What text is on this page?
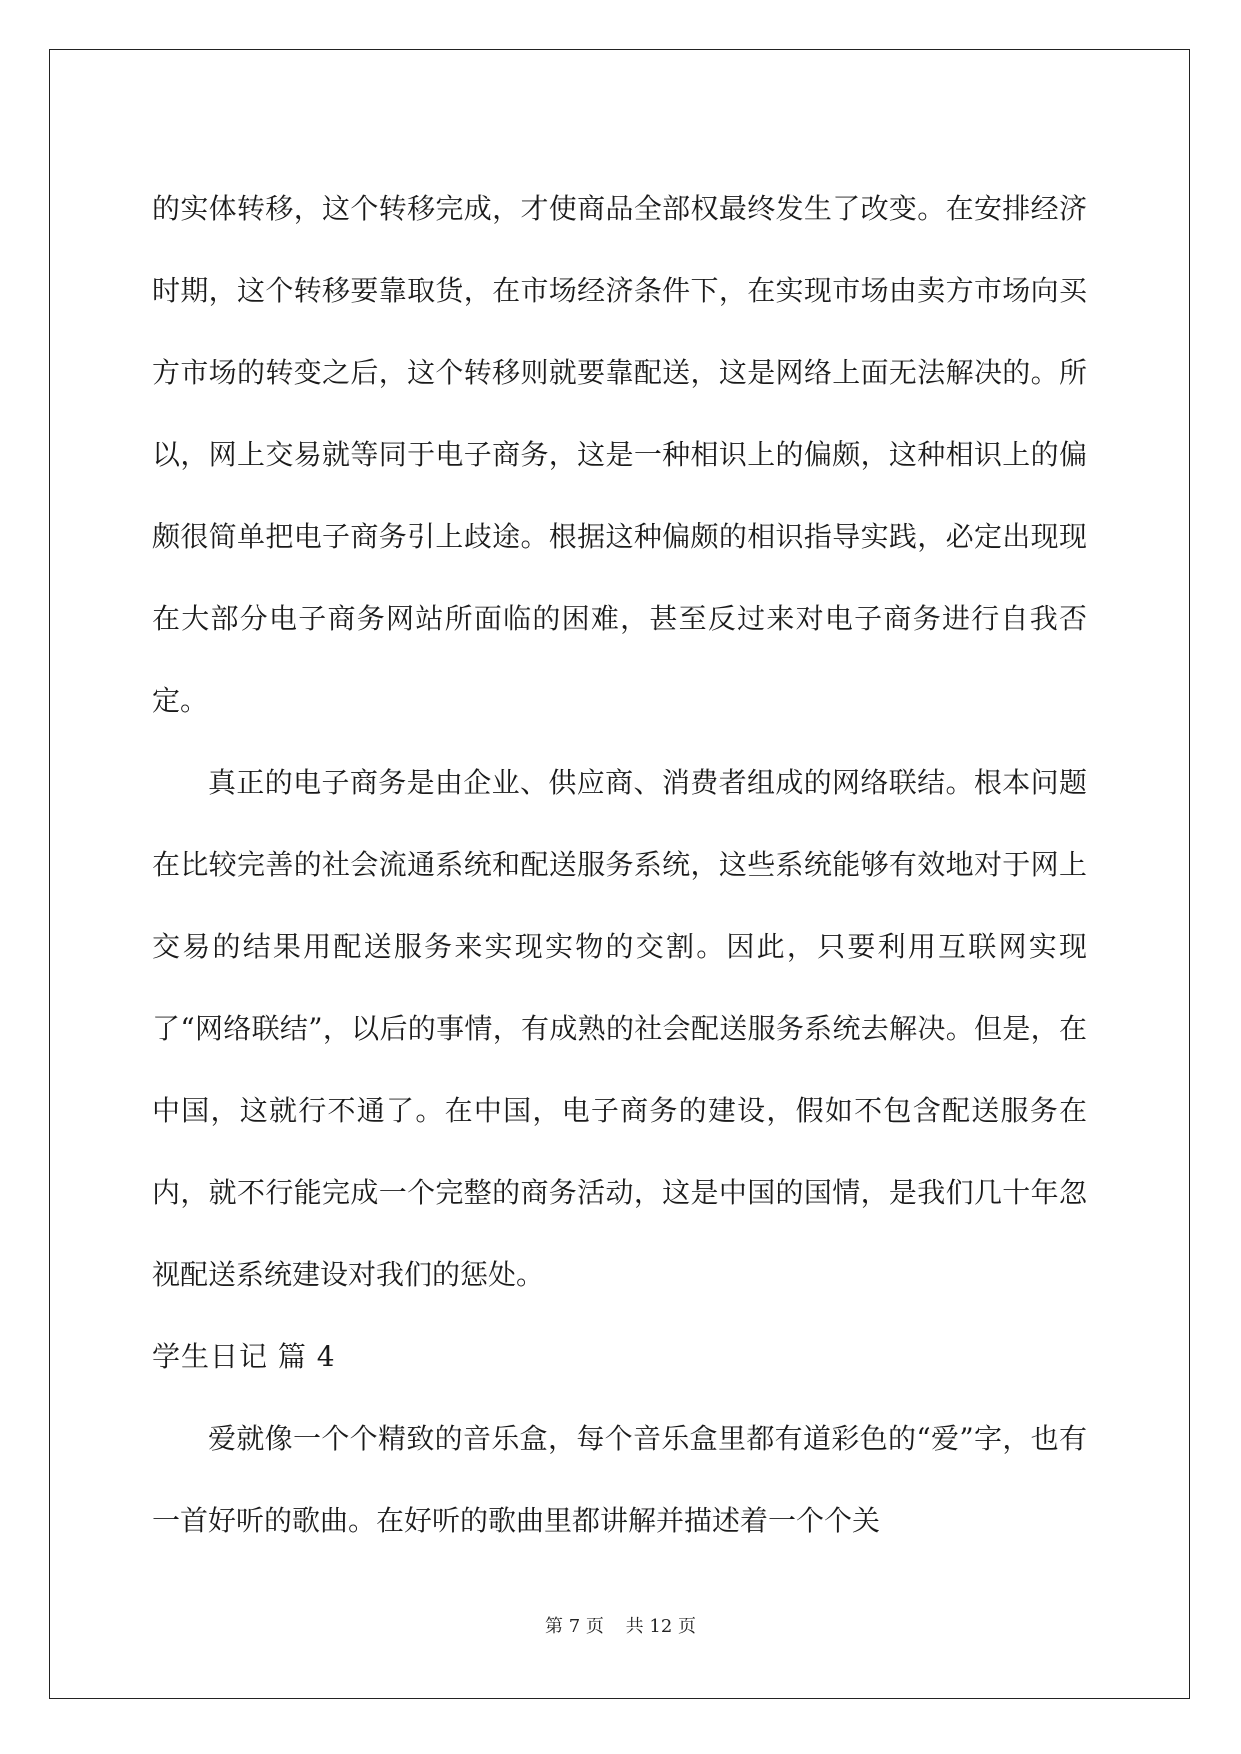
的实体转移，这个转移完成，才使商品全部权最终发生了改变。在安排经济时期，这个转移要靠取货，在市场经济条件下，在实现市场由卖方市场向买方市场的转变之后，这个转移则就要靠配送，这是网络上面无法解决的。所以，网上交易就等同于电子商务，这是一种相识上的偏颇，这种相识上的偏颇很简单把电子商务引上歧途。根据这种偏颇的相识指导实践，必定出现现在大部分电子商务网站所面临的困难，甚至反过来对电子商务进行自我否定。

真正的电子商务是由企业、供应商、消费者组成的网络联结。根本问题在比较完善的社会流通系统和配送服务系统，这些系统能够有效地对于网上交易的结果用配送服务来实现实物的交割。因此，只要利用互联网实现了“网络联结”，以后的事情，有成熟的社会配送服务系统去解决。但是，在中国，这就行不通了。在中国，电子商务的建设，假如不包含配送服务在内，就不行能完成一个完整的商务活动，这是中国的国情，是我们几十年忽视配送系统建设对我们的惩处。

学生日记 篇 4

爱就像一个个精致的音乐盒，每个音乐盒里都有道彩色的“爱”字，也有一首好听的歌曲。在好听的歌曲里都讲解并描述着一个个关

第 7 页 共 12 页
